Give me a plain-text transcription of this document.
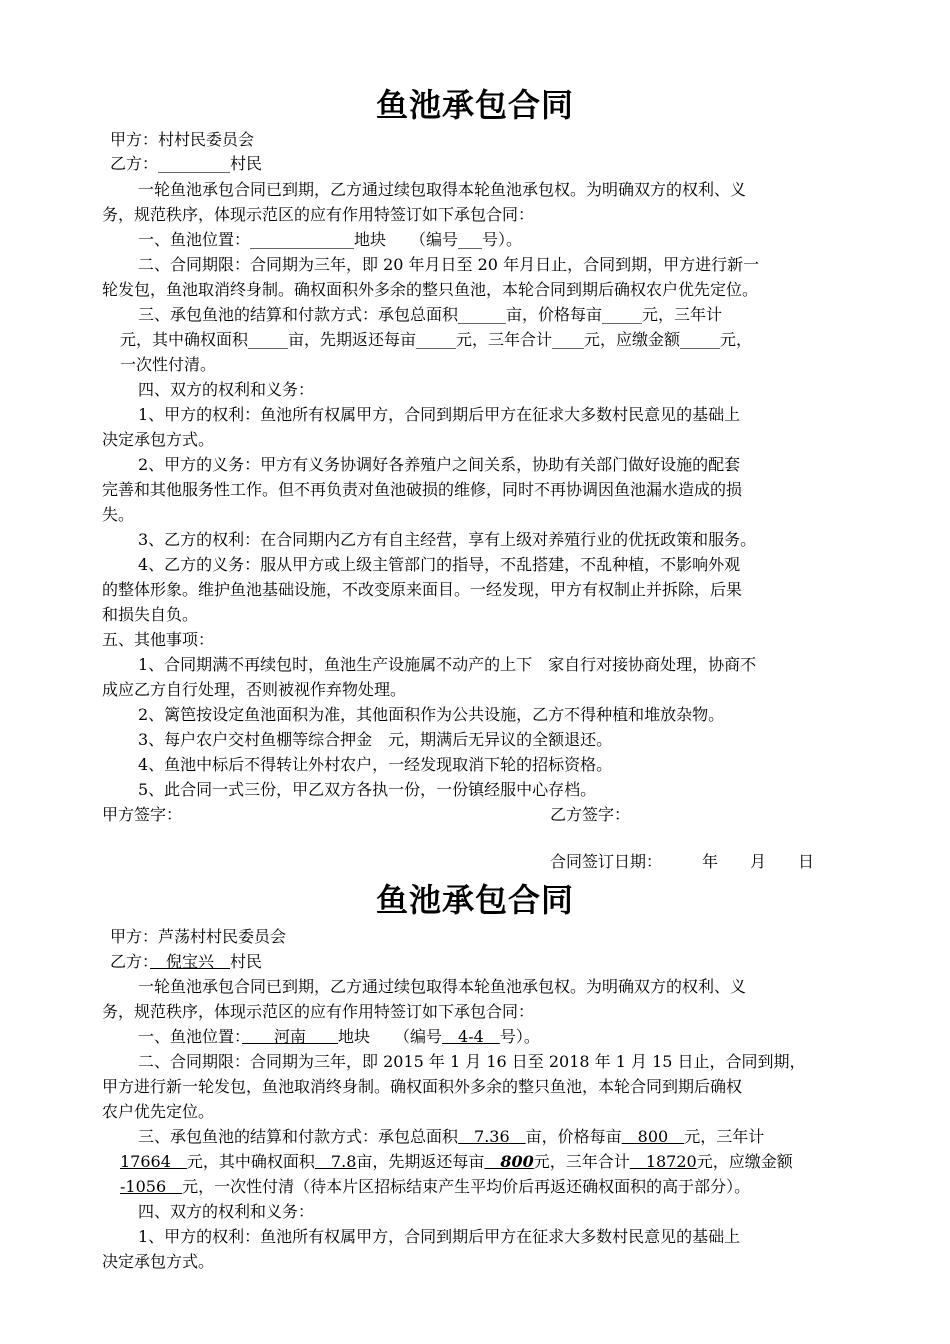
鱼池承包合同
甲方：村村民委员会
乙方：_________村民
一轮鱼池承包合同已到期，乙方通过续包取得本轮鱼池承包权。为明确双方的权利、义
务，规范秩序，体现示范区的应有作用特签订如下承包合同：
一、鱼池位置：_____________地块　　（编号___号）。
二、合同期限：合同期为三年，即 20 年月日至 20 年月日止，合同到期，甲方进行新一
轮发包，鱼池取消终身制。确权面积外多余的整只鱼池，本轮合同到期后确权农户优先定位。
三、承包鱼池的结算和付款方式：承包总面积______亩，价格每亩_____元，三年计
元，其中确权面积_____亩，先期返还每亩_____元，三年合计____元，应缴金额_____元，
一次性付清。
四、双方的权利和义务：
1、甲方的权利：鱼池所有权属甲方，合同到期后甲方在征求大多数村民意见的基础上
决定承包方式。
2、甲方的义务：甲方有义务协调好各养殖户之间关系，协助有关部门做好设施的配套
完善和其他服务性工作。但不再负责对鱼池破损的维修，同时不再协调因鱼池漏水造成的损
失。
3、乙方的权利：在合同期内乙方有自主经营，享有上级对养殖行业的优抚政策和服务。
4、乙方的义务：服从甲方或上级主管部门的指导，不乱搭建，不乱种植，不影响外观
的整体形象。维护鱼池基础设施，不改变原来面目。一经发现，甲方有权制止并拆除，后果
和损失自负。
五、其他事项：
1、合同期满不再续包时，鱼池生产设施属不动产的上下　家自行对接协商处理，协商不
成应乙方自行处理，否则被视作弃物处理。
2、篱笆按设定鱼池面积为准，其他面积作为公共设施，乙方不得种植和堆放杂物。
3、每户农户交村鱼棚等综合押金　元，期满后无异议的全额退还。
4、鱼池中标后不得转让外村农户，一经发现取消下轮的招标资格。
5、此合同一式三份，甲乙双方各执一份，一份镇经服中心存档。
甲方签字：	乙方签字：
合同签订日期：　　　年　　月　　日
鱼池承包合同
甲方：芦荡村村民委员会
乙方：　倪宝兴　村民
一轮鱼池承包合同已到期，乙方通过续包取得本轮鱼池承包权。为明确双方的权利、义
务，规范秩序，体现示范区的应有作用特签订如下承包合同：
一、鱼池位置：　　河南　　地块　　（编号　4-4　号）。
二、合同期限：合同期为三年，即 2015 年 1 月 16 日至 2018 年 1 月 15 日止，合同到期，
甲方进行新一轮发包，鱼池取消终身制。确权面积外多余的整只鱼池，本轮合同到期后确权
农户优先定位。
三、承包鱼池的结算和付款方式：承包总面积　7.36　亩，价格每亩　800　元，三年计
17664　元，其中确权面积　7.8亩，先期返还每亩　800元，三年合计　18720元，应缴金额
-1056　元，一次性付清（待本片区招标结束产生平均价后再返还确权面积的高于部分）。
四、双方的权利和义务：
1、甲方的权利：鱼池所有权属甲方，合同到期后甲方在征求大多数村民意见的基础上
决定承包方式。
